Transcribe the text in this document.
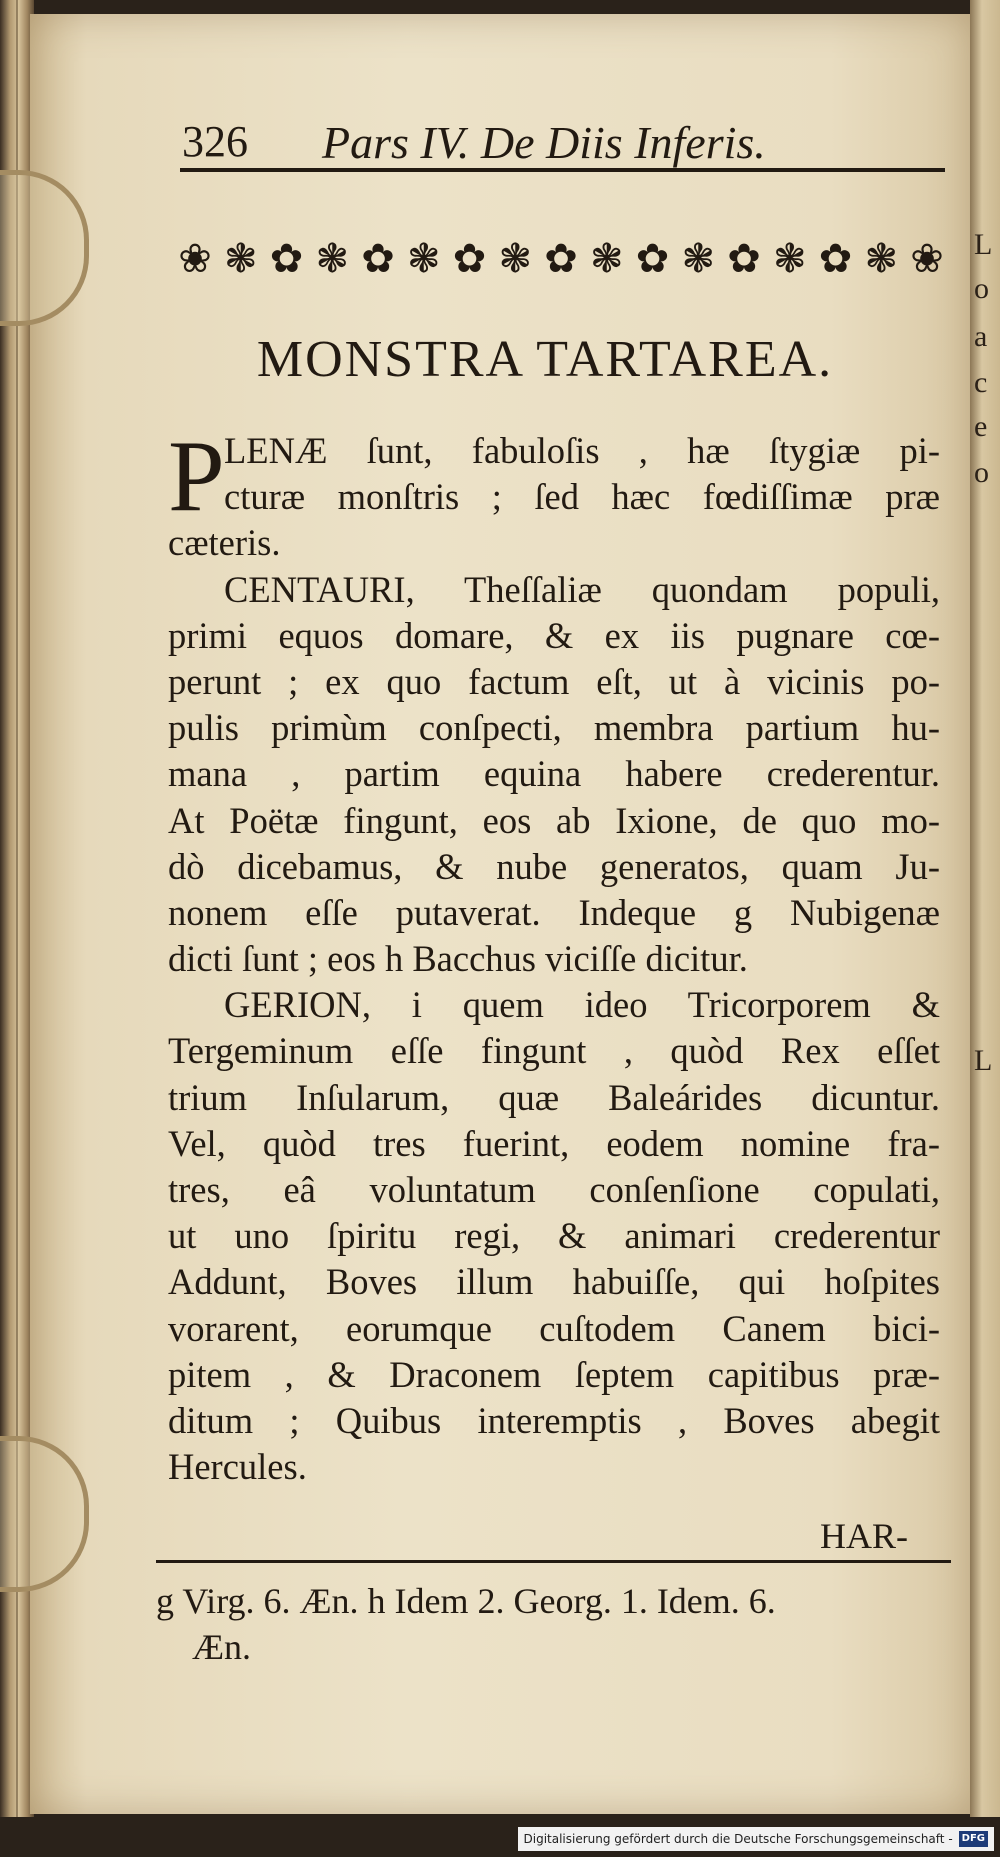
L
o
a
c
e
o
L
326 Pars IV. De Diis Inferis.
❀ ❃ ✿ ❃ ✿ ❃ ✿ ❃ ✿ ❃ ✿ ❃ ✿ ❃ ✿ ❃ ❀
MONSTRA TARTAREA.
P LENÆ ſunt, fabuloſis , hæ ſtygiæ pi-
cturæ monſtris ; ſed hæc fœdiſſimæ præ
cæteris.
CENTAURI, Theſſaliæ quondam populi,
primi equos domare, & ex iis pugnare cœ-
perunt ; ex quo factum eſt, ut à vicinis po-
pulis primùm conſpecti, membra partium hu-
mana , partim equina habere crederentur.
At Poëtæ fingunt, eos ab Ixione, de quo mo-
dò dicebamus, & nube generatos, quam Ju-
nonem eſſe putaverat. Indeque g Nubigenæ
dicti ſunt ; eos h Bacchus viciſſe dicitur.
GERION, i quem ideo Tricorporem &
Tergeminum eſſe fingunt , quòd Rex eſſet
trium Inſularum, quæ Baleárides dicuntur.
Vel, quòd tres fuerint, eodem nomine fra-
tres, eâ voluntatum conſenſione copulati,
ut uno ſpiritu regi, & animari crederentur
Addunt, Boves illum habuiſſe, qui hoſpites
vorarent, eorumque cuſtodem Canem bici-
pitem , & Draconem ſeptem capitibus præ-
ditum ; Quibus interemptis , Boves abegit
Hercules.
HAR-
g Virg. 6. Æn. h Idem 2. Georg. 1. Idem. 6.
Æn.
Digitalisierung gefördert durch die Deutsche Forschungsgemeinschaft - DFG
